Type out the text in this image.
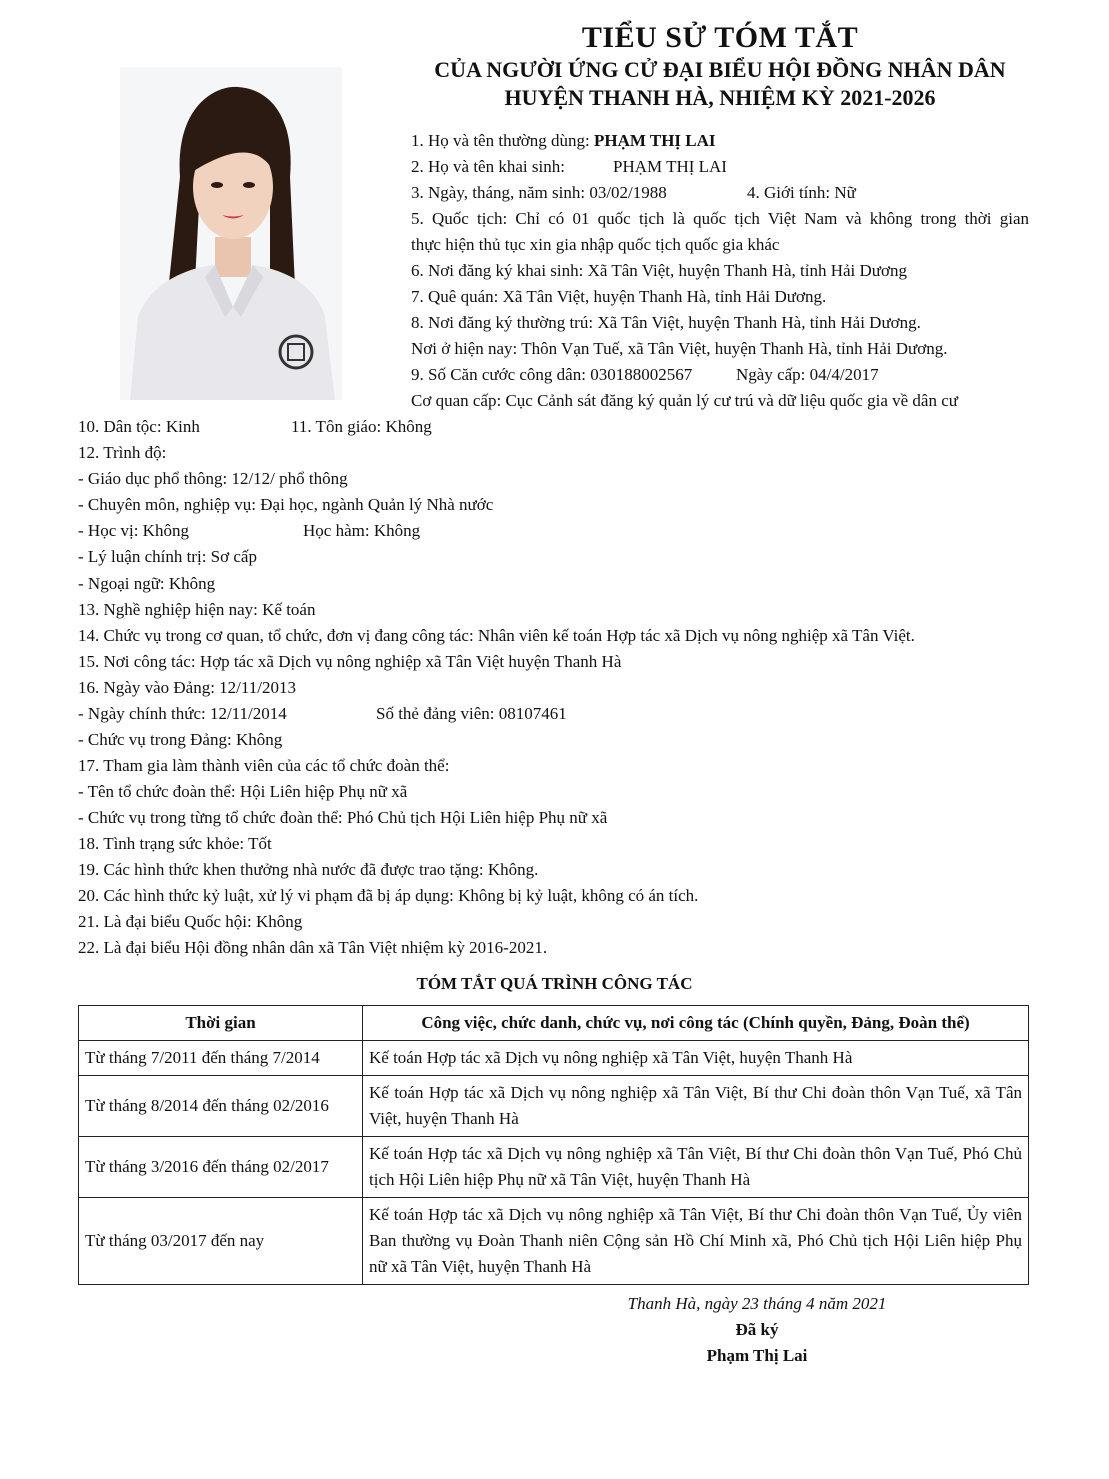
TIỂU SỬ TÓM TẮT
CỦA NGƯỜI ỨNG CỬ ĐẠI BIỂU HỘI ĐỒNG NHÂN DÂN
HUYỆN THANH HÀ, NHIỆM KỲ 2021-2026
1. Họ và tên thường dùng: PHẠM THỊ LAI
2. Họ và tên khai sinh:	PHẠM THỊ LAI
3. Ngày, tháng, năm sinh: 03/02/1988	4. Giới tính: Nữ
5. Quốc tịch: Chỉ có 01 quốc tịch là quốc tịch Việt Nam và không trong thời gian
thực hiện thủ tục xin gia nhập quốc tịch quốc gia khác
6. Nơi đăng ký khai sinh: Xã Tân Việt, huyện Thanh Hà, tỉnh Hải Dương
7. Quê quán: Xã Tân Việt, huyện Thanh Hà, tỉnh Hải Dương.
8. Nơi đăng ký thường trú: Xã Tân Việt, huyện Thanh Hà, tỉnh Hải Dương.
Nơi ở hiện nay: Thôn Vạn Tuế, xã Tân Việt, huyện Thanh Hà, tỉnh Hải Dương.
9. Số Căn cước công dân: 030188002567	Ngày cấp: 04/4/2017
Cơ quan cấp: Cục Cảnh sát đăng ký quản lý cư trú và dữ liệu quốc gia về dân cư
10. Dân tộc: Kinh	11. Tôn giáo: Không
12. Trình độ:
- Giáo dục phổ thông: 12/12/ phổ thông
- Chuyên môn, nghiệp vụ: Đại học, ngành Quản lý Nhà nước
- Học vị: Không	Học hàm: Không
- Lý luận chính trị: Sơ cấp
- Ngoại ngữ: Không
13. Nghề nghiệp hiện nay: Kế toán
14. Chức vụ trong cơ quan, tổ chức, đơn vị đang công tác: Nhân viên kế toán Hợp tác xã Dịch vụ nông nghiệp xã Tân Việt.
15. Nơi công tác: Hợp tác xã Dịch vụ nông nghiệp xã Tân Việt huyện Thanh Hà
16. Ngày vào Đảng: 12/11/2013
- Ngày chính thức: 12/11/2014	Số thẻ đảng viên: 08107461
- Chức vụ trong Đảng: Không
17. Tham gia làm thành viên của các tổ chức đoàn thể:
- Tên tổ chức đoàn thể: Hội Liên hiệp Phụ nữ xã
- Chức vụ trong từng tổ chức đoàn thể: Phó Chủ tịch Hội Liên hiệp Phụ nữ xã
18. Tình trạng sức khỏe: Tốt
19. Các hình thức khen thưởng nhà nước đã được trao tặng: Không.
20. Các hình thức kỷ luật, xử lý vi phạm đã bị áp dụng: Không bị kỷ luật, không có án tích.
21. Là đại biểu Quốc hội: Không
22. Là đại biểu Hội đồng nhân dân xã Tân Việt nhiệm kỳ 2016-2021.
TÓM TẮT QUÁ TRÌNH CÔNG TÁC
Thời gian	Công việc, chức danh, chức vụ, nơi công tác (Chính quyền, Đảng, Đoàn thể)
Từ tháng 7/2011 đến tháng 7/2014	Kế toán Hợp tác xã Dịch vụ nông nghiệp xã Tân Việt, huyện Thanh Hà
Từ tháng 8/2014 đến tháng 02/2016	Kế toán Hợp tác xã Dịch vụ nông nghiệp xã Tân Việt, Bí thư Chi đoàn thôn Vạn Tuế, xã Tân Việt, huyện Thanh Hà
Từ tháng 3/2016 đến tháng 02/2017	Kế toán Hợp tác xã Dịch vụ nông nghiệp xã Tân Việt, Bí thư Chi đoàn thôn Vạn Tuế, Phó Chủ tịch Hội Liên hiệp Phụ nữ xã Tân Việt, huyện Thanh Hà
Từ tháng 03/2017 đến nay	Kế toán Hợp tác xã Dịch vụ nông nghiệp xã Tân Việt, Bí thư Chi đoàn thôn Vạn Tuế, Ủy viên Ban thường vụ Đoàn Thanh niên Cộng sản Hồ Chí Minh xã, Phó Chủ tịch Hội Liên hiệp Phụ nữ xã Tân Việt, huyện Thanh Hà
Thanh Hà, ngày 23 tháng 4 năm 2021
Đã ký
Phạm Thị Lai
